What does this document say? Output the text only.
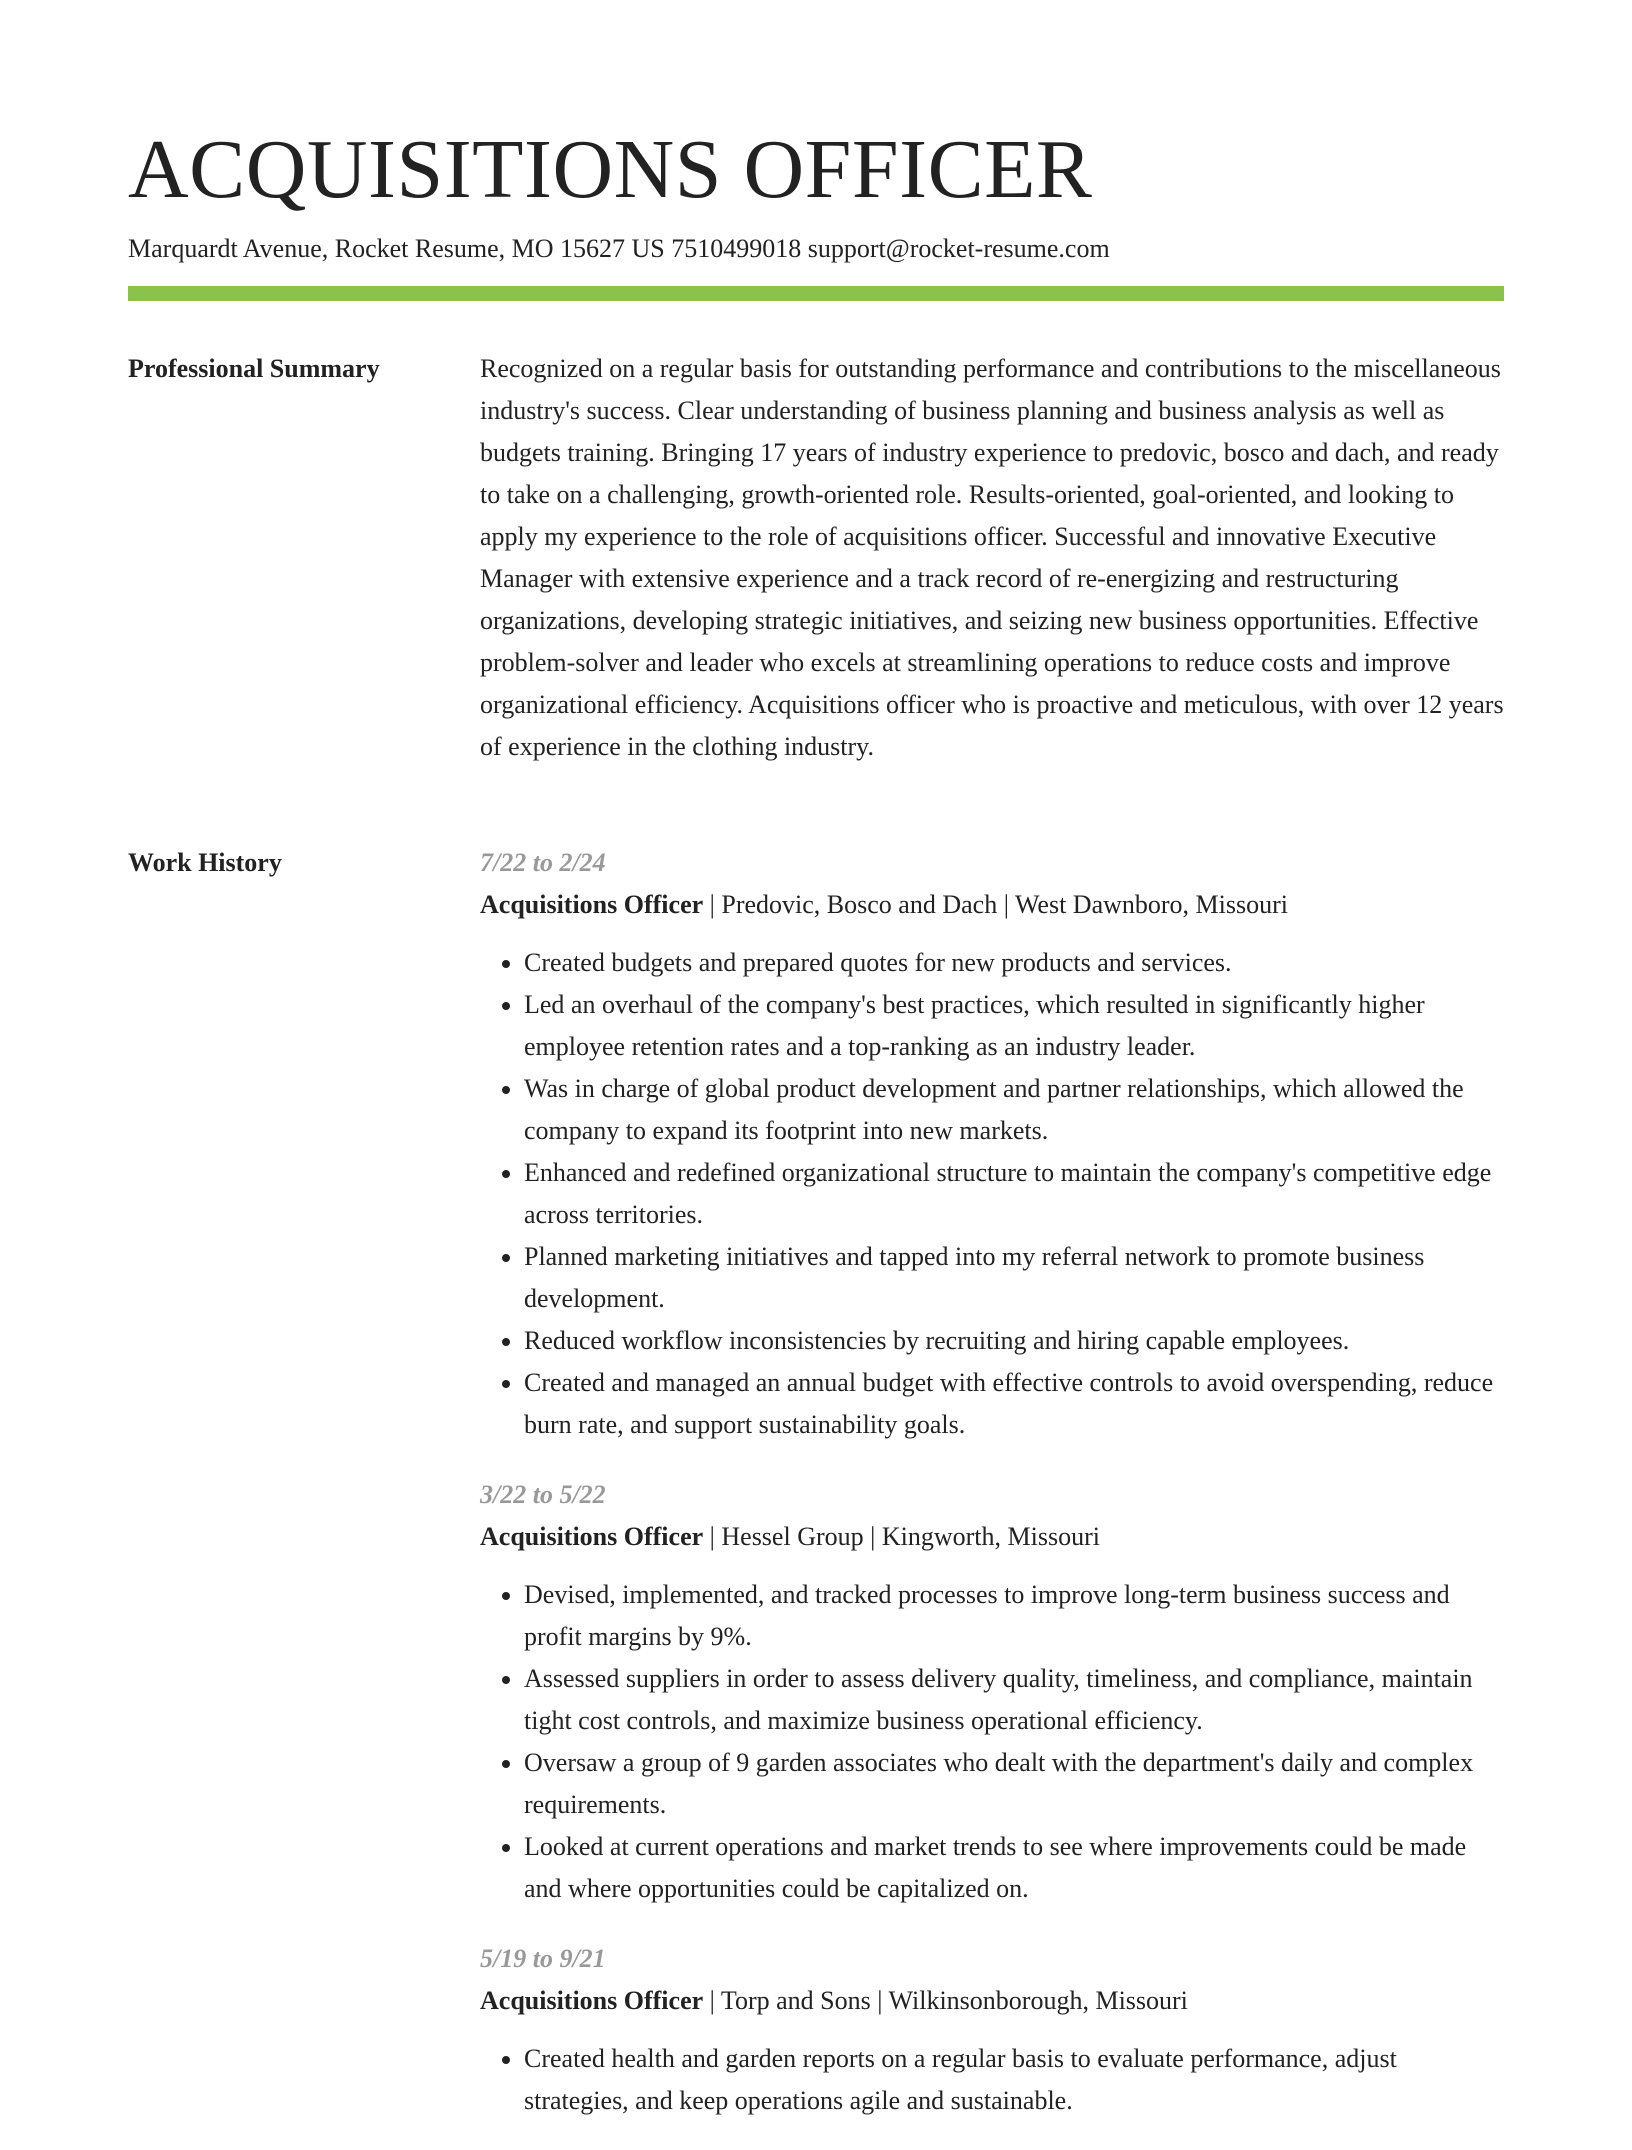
ACQUISITIONS OFFICER
Marquardt Avenue, Rocket Resume, MO 15627 US 7510499018 support@rocket-resume.com
Professional Summary	Recognized on a regular basis for outstanding performance and contributions to the miscellaneous industry's success. Clear understanding of business planning and business analysis as well as budgets training. Bringing 17 years of industry experience to predovic, bosco and dach, and ready to take on a challenging, growth-oriented role. Results-oriented, goal-oriented, and looking to apply my experience to the role of acquisitions officer. Successful and innovative Executive Manager with extensive experience and a track record of re-energizing and restructuring organizations, developing strategic initiatives, and seizing new business opportunities. Effective problem-solver and leader who excels at streamlining operations to reduce costs and improve organizational efficiency. Acquisitions officer who is proactive and meticulous, with over 12 years of experience in the clothing industry.

Work History	7/22 to 2/24
Acquisitions Officer | Predovic, Bosco and Dach | West Dawnboro, Missouri
• Created budgets and prepared quotes for new products and services.
• Led an overhaul of the company's best practices, which resulted in significantly higher employee retention rates and a top-ranking as an industry leader.
• Was in charge of global product development and partner relationships, which allowed the company to expand its footprint into new markets.
• Enhanced and redefined organizational structure to maintain the company's competitive edge across territories.
• Planned marketing initiatives and tapped into my referral network to promote business development.
• Reduced workflow inconsistencies by recruiting and hiring capable employees.
• Created and managed an annual budget with effective controls to avoid overspending, reduce burn rate, and support sustainability goals.
3/22 to 5/22
Acquisitions Officer | Hessel Group | Kingworth, Missouri
• Devised, implemented, and tracked processes to improve long-term business success and profit margins by 9%.
• Assessed suppliers in order to assess delivery quality, timeliness, and compliance, maintain tight cost controls, and maximize business operational efficiency.
• Oversaw a group of 9 garden associates who dealt with the department's daily and complex requirements.
• Looked at current operations and market trends to see where improvements could be made and where opportunities could be capitalized on.
5/19 to 9/21
Acquisitions Officer | Torp and Sons | Wilkinsonborough, Missouri
• Created health and garden reports on a regular basis to evaluate performance, adjust strategies, and keep operations agile and sustainable.
